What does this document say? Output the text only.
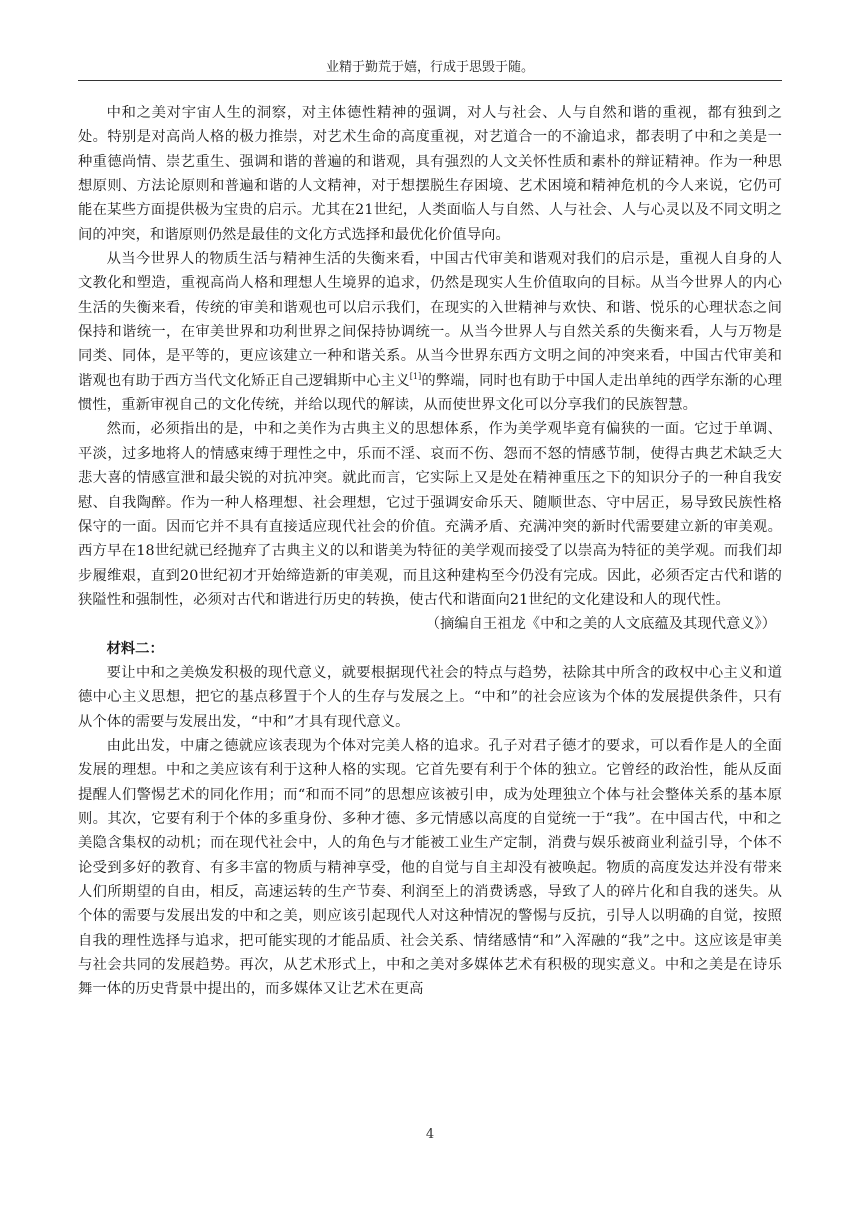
业精于勤荒于嬉，行成于思毁于随。

中和之美对宇宙人生的洞察，对主体德性精神的强调，对人与社会、人与自然和谐的重视，都有独到之处。特别是对高尚人格的极力推崇，对艺术生命的高度重视，对艺道合一的不渝追求，都表明了中和之美是一种重德尚情、崇艺重生、强调和谐的普遍的和谐观，具有强烈的人文关怀性质和素朴的辩证精神。作为一种思想原则、方法论原则和普遍和谐的人文精神，对于想摆脱生存困境、艺术困境和精神危机的今人来说，它仍可能在某些方面提供极为宝贵的启示。尤其在21世纪，人类面临人与自然、人与社会、人与心灵以及不同文明之间的冲突，和谐原则仍然是最佳的文化方式选择和最优化价值导向。

从当今世界人的物质生活与精神生活的失衡来看，中国古代审美和谐观对我们的启示是，重视人自身的人文教化和塑造，重视高尚人格和理想人生境界的追求，仍然是现实人生价值取向的目标。从当今世界人的内心生活的失衡来看，传统的审美和谐观也可以启示我们，在现实的入世精神与欢快、和谐、悦乐的心理状态之间保持和谐统一，在审美世界和功利世界之间保持协调统一。从当今世界人与自然关系的失衡来看，人与万物是同类、同体，是平等的，更应该建立一种和谐关系。从当今世界东西方文明之间的冲突来看，中国古代审美和谐观也有助于西方当代文化矫正自己逻辑斯中心主义[1]的弊端，同时也有助于中国人走出单纯的西学东渐的心理惯性，重新审视自己的文化传统，并给以现代的解读，从而使世界文化可以分享我们的民族智慧。

然而，必须指出的是，中和之美作为古典主义的思想体系，作为美学观毕竟有偏狭的一面。它过于单调、平淡，过多地将人的情感束缚于理性之中，乐而不淫、哀而不伤、怨而不怒的情感节制，使得古典艺术缺乏大悲大喜的情感宣泄和最尖锐的对抗冲突。就此而言，它实际上又是处在精神重压之下的知识分子的一种自我安慰、自我陶醉。作为一种人格理想、社会理想，它过于强调安命乐天、随顺世态、守中居正，易导致民族性格保守的一面。因而它并不具有直接适应现代社会的价值。充满矛盾、充满冲突的新时代需要建立新的审美观。西方早在18世纪就已经抛弃了古典主义的以和谐美为特征的美学观而接受了以崇高为特征的美学观。而我们却步履维艰，直到20世纪初才开始缔造新的审美观，而且这种建构至今仍没有完成。因此，必须否定古代和谐的狭隘性和强制性，必须对古代和谐进行历史的转换，使古代和谐面向21世纪的文化建设和人的现代性。

（摘编自王祖龙《中和之美的人文底蕴及其现代意义》）

材料二：

要让中和之美焕发积极的现代意义，就要根据现代社会的特点与趋势，祛除其中所含的政权中心主义和道德中心主义思想，把它的基点移置于个人的生存与发展之上。“中和”的社会应该为个体的发展提供条件，只有从个体的需要与发展出发，“中和”才具有现代意义。

由此出发，中庸之德就应该表现为个体对完美人格的追求。孔子对君子德才的要求，可以看作是人的全面发展的理想。中和之美应该有利于这种人格的实现。它首先要有利于个体的独立。它曾经的政治性，能从反面提醒人们警惕艺术的同化作用；而“和而不同”的思想应该被引申，成为处理独立个体与社会整体关系的基本原则。其次，它要有利于个体的多重身份、多种才德、多元情感以高度的自觉统一于“我”。在中国古代，中和之美隐含集权的动机；而在现代社会中，人的角色与才能被工业生产定制，消费与娱乐被商业利益引导，个体不论受到多好的教育、有多丰富的物质与精神享受，他的自觉与自主却没有被唤起。物质的高度发达并没有带来人们所期望的自由，相反，高速运转的生产节奏、利润至上的消费诱惑，导致了人的碎片化和自我的迷失。从个体的需要与发展出发的中和之美，则应该引起现代人对这种情况的警惕与反抗，引导人以明确的自觉，按照自我的理性选择与追求，把可能实现的才能品质、社会关系、情绪感情“和”入浑融的“我”之中。这应该是审美与社会共同的发展趋势。再次，从艺术形式上，中和之美对多媒体艺术有积极的现实意义。中和之美是在诗乐舞一体的历史背景中提出的，而多媒体又让艺术在更高

4
